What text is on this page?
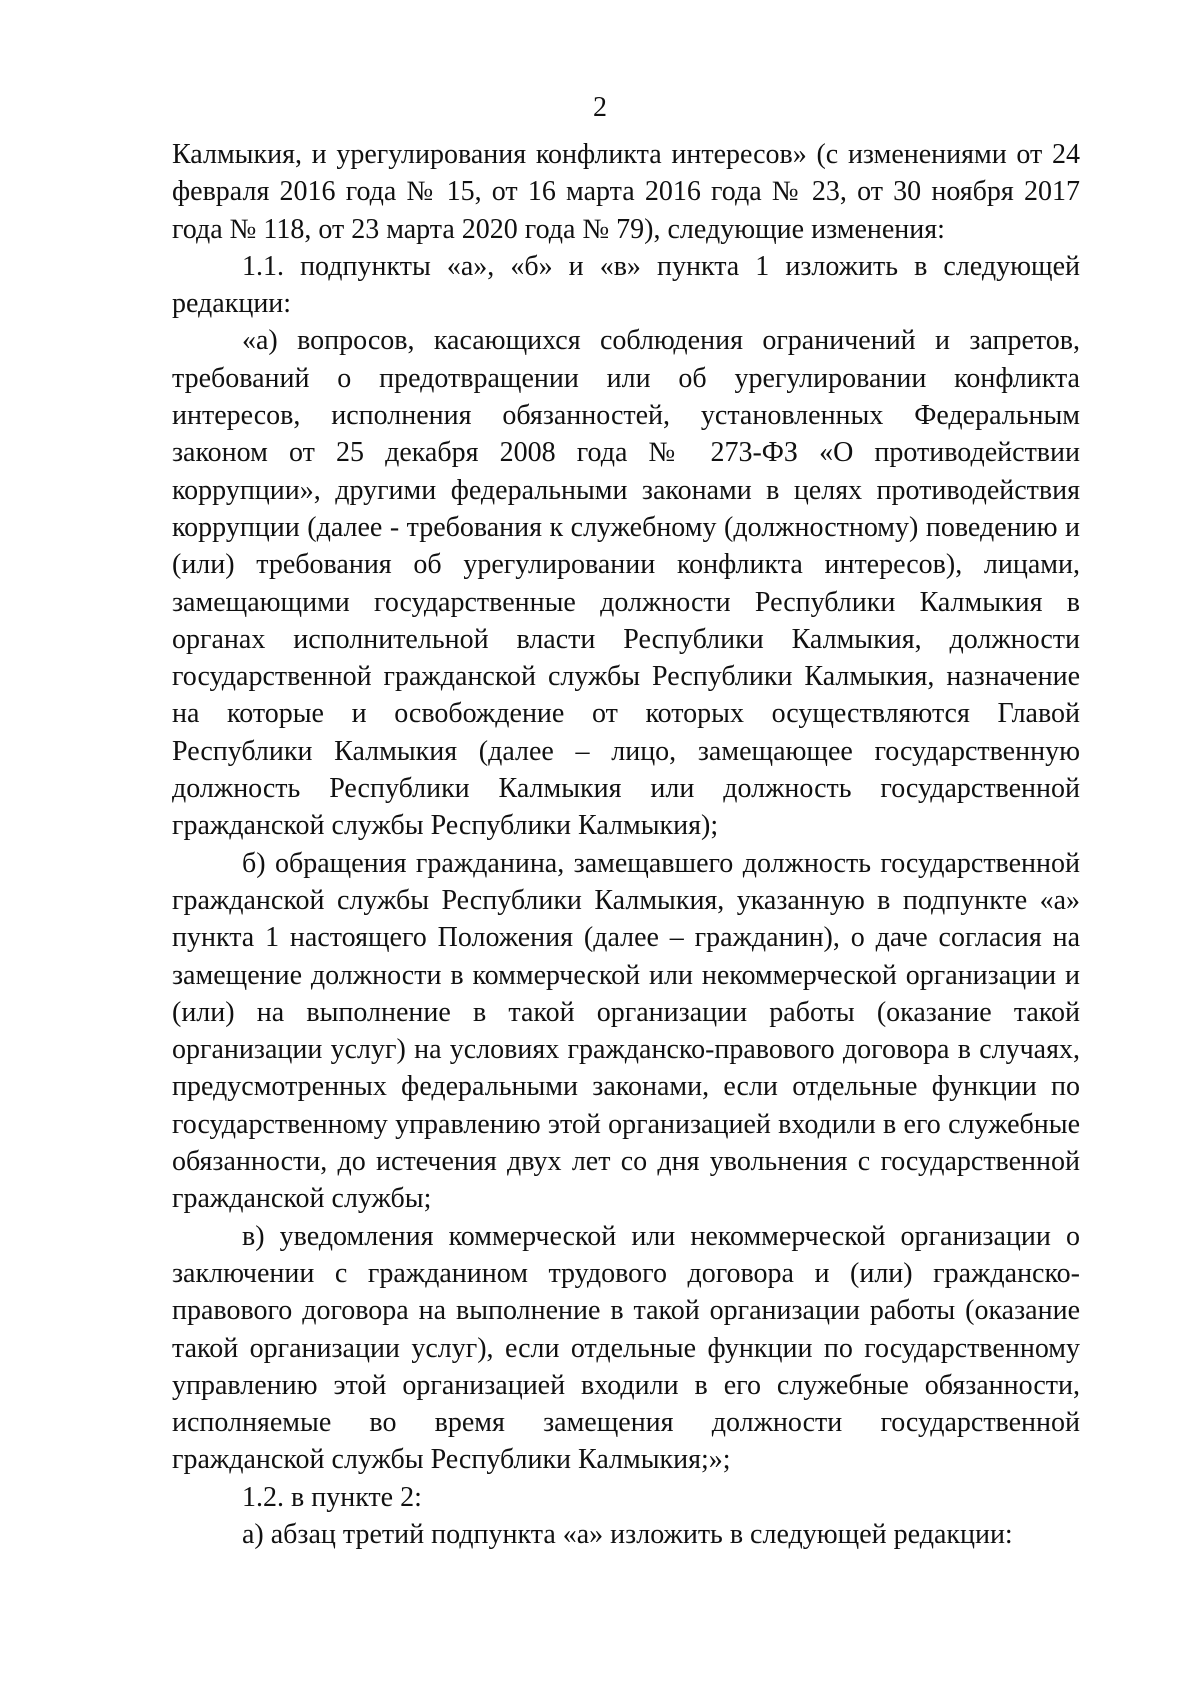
2

Калмыкия, и урегулирования конфликта интересов» (с изменениями от 24 февраля 2016 года № 15, от 16 марта 2016 года № 23, от 30 ноября 2017 года № 118, от 23 марта 2020 года № 79), следующие изменения:

1.1. подпункты «а», «б» и «в» пункта 1 изложить в следующей редакции:

«а) вопросов, касающихся соблюдения ограничений и запретов, требований о предотвращении или об урегулировании конфликта интересов, исполнения обязанностей, установленных Федеральным законом от 25 декабря 2008 года № 273-ФЗ «О противодействии коррупции», другими федеральными законами в целях противодействия коррупции (далее - требования к служебному (должностному) поведению и (или) требования об урегулировании конфликта интересов), лицами, замещающими государственные должности Республики Калмыкия в органах исполнительной власти Республики Калмыкия, должности государственной гражданской службы Республики Калмыкия, назначение на которые и освобождение от которых осуществляются Главой Республики Калмыкия (далее – лицо, замещающее государственную должность Республики Калмыкия или должность государственной гражданской службы Республики Калмыкия);

б) обращения гражданина, замещавшего должность государственной гражданской службы Республики Калмыкия, указанную в подпункте «а» пункта 1 настоящего Положения (далее – гражданин), о даче согласия на замещение должности в коммерческой или некоммерческой организации и (или) на выполнение в такой организации работы (оказание такой организации услуг) на условиях гражданско-правового договора в случаях, предусмотренных федеральными законами, если отдельные функции по государственному управлению этой организацией входили в его служебные обязанности, до истечения двух лет со дня увольнения с государственной гражданской службы;

в) уведомления коммерческой или некоммерческой организации о заключении с гражданином трудового договора и (или) гражданско-правового договора на выполнение в такой организации работы (оказание такой организации услуг), если отдельные функции по государственному управлению этой организацией входили в его служебные обязанности, исполняемые во время замещения должности государственной гражданской службы Республики Калмыкия;»;

1.2. в пункте 2:

а) абзац третий подпункта «а» изложить в следующей редакции:
